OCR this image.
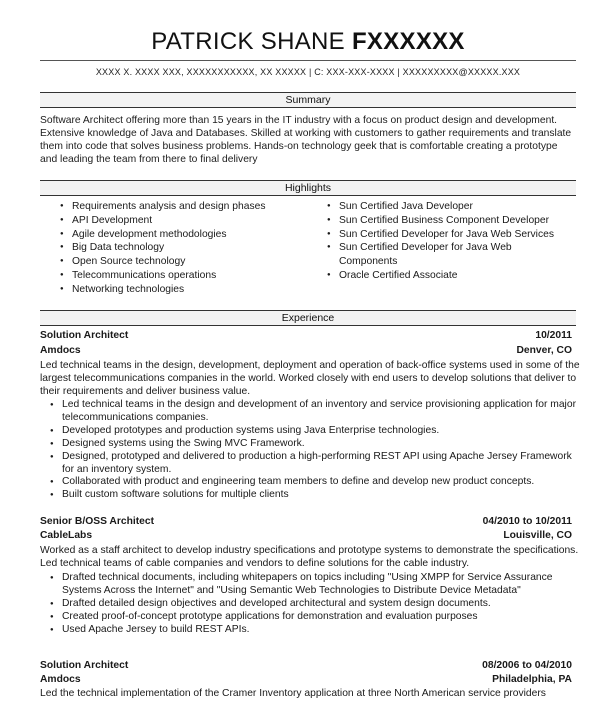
PATRICK SHANE FXXXXXX
XXXX X. XXXX XXX, XXXXXXXXXXX, XX XXXXX | C: XXX-XXX-XXXX | XXXXXXXXX@XXXXX.XXX
Summary
Software Architect offering more than 15 years in the IT industry with a focus on product design and development. Extensive knowledge of Java and Databases. Skilled at working with customers to gather requirements and translate them into code that solves business problems. Hands-on technology geek that is comfortable creating a prototype and leading the team from there to final delivery
Highlights
● Requirements analysis and design phases
● API Development
● Agile development methodologies
● Big Data technology
● Open Source technology
● Telecommunications operations
● Networking technologies
● Sun Certified Java Developer
● Sun Certified Business Component Developer
● Sun Certified Developer for Java Web Services
● Sun Certified Developer for Java Web Components
● Oracle Certified Associate
Experience
Solution Architect	10/2011
Amdocs	Denver, CO
Led technical teams in the design, development, deployment and operation of back-office systems used in some of the largest telecommunications companies in the world. Worked closely with end users to develop solutions that deliver to their requirements and deliver business value.
● Led technical teams in the design and development of an inventory and service provisioning application for major telecommunications companies.
● Developed prototypes and production systems using Java Enterprise technologies.
● Designed systems using the Swing MVC Framework.
● Designed, prototyped and delivered to production a high-performing REST API using Apache Jersey Framework for an inventory system.
● Collaborated with product and engineering team members to define and develop new product concepts.
● Built custom software solutions for multiple clients
Senior B/OSS Architect	04/2010 to 10/2011
CableLabs	Louisville, CO
Worked as a staff architect to develop industry specifications and prototype systems to demonstrate the specifications. Led technical teams of cable companies and vendors to define solutions for the cable industry.
● Drafted technical documents, including whitepapers on topics including "Using XMPP for Service Assurance Systems Across the Internet" and "Using Semantic Web Technologies to Distribute Device Metadata"
● Drafted detailed design objectives and developed architectural and system design documents.
● Created proof-of-concept prototype applications for demonstration and evaluation purposes
● Used Apache Jersey to build REST APIs.
Solution Architect	08/2006 to 04/2010
Amdocs	Philadelphia, PA
Led the technical implementation of the Cramer Inventory application at three North American service providers
